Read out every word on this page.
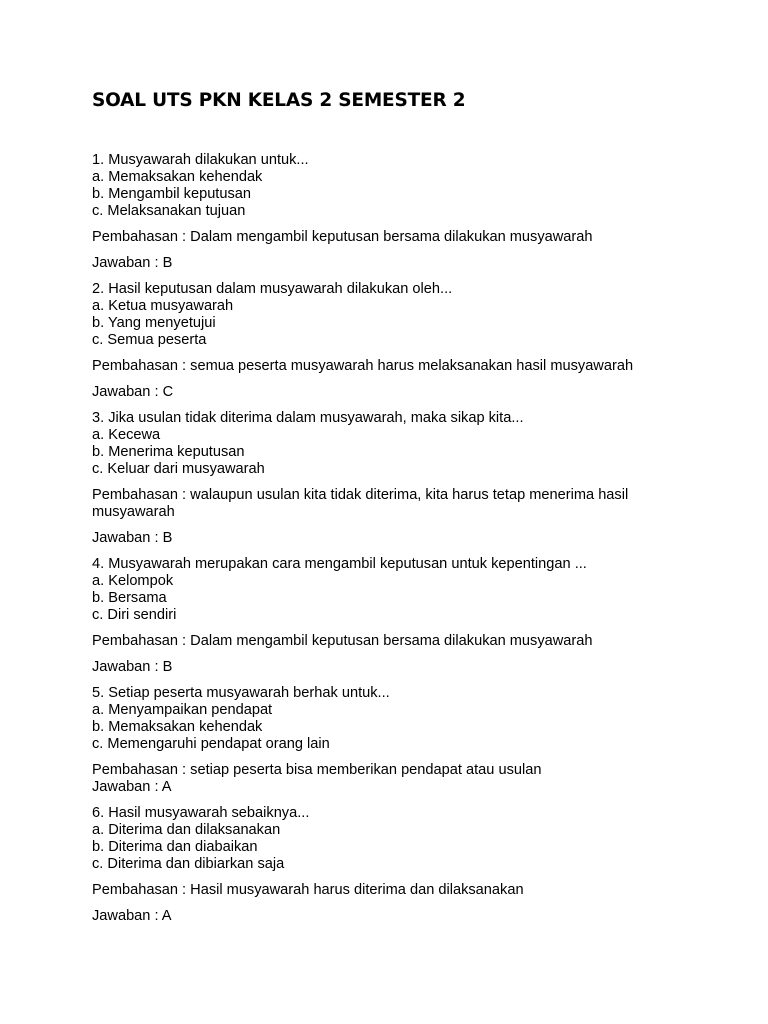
SOAL UTS PKN KELAS 2 SEMESTER 2
1. Musyawarah dilakukan untuk...
a. Memaksakan kehendak
b. Mengambil keputusan
c. Melaksanakan tujuan
Pembahasan : Dalam mengambil keputusan bersama dilakukan musyawarah
Jawaban : B
2. Hasil keputusan dalam musyawarah dilakukan oleh...
a. Ketua musyawarah
b. Yang menyetujui
c. Semua peserta
Pembahasan : semua peserta musyawarah harus melaksanakan hasil musyawarah
Jawaban : C
3. Jika usulan tidak diterima dalam musyawarah, maka sikap kita...
a. Kecewa
b. Menerima keputusan
c. Keluar dari musyawarah
Pembahasan : walaupun usulan kita tidak diterima, kita harus tetap menerima hasil
musyawarah
Jawaban : B
4. Musyawarah merupakan cara mengambil keputusan untuk kepentingan ...
a. Kelompok
b. Bersama
c. Diri sendiri
Pembahasan : Dalam mengambil keputusan bersama dilakukan musyawarah
Jawaban : B
5. Setiap peserta musyawarah berhak untuk...
a. Menyampaikan pendapat
b. Memaksakan kehendak
c. Memengaruhi pendapat orang lain
Pembahasan : setiap peserta bisa memberikan pendapat atau usulan
Jawaban : A
6. Hasil musyawarah sebaiknya...
a. Diterima dan dilaksanakan
b. Diterima dan diabaikan
c. Diterima dan dibiarkan saja
Pembahasan : Hasil musyawarah harus diterima dan dilaksanakan
Jawaban : A
